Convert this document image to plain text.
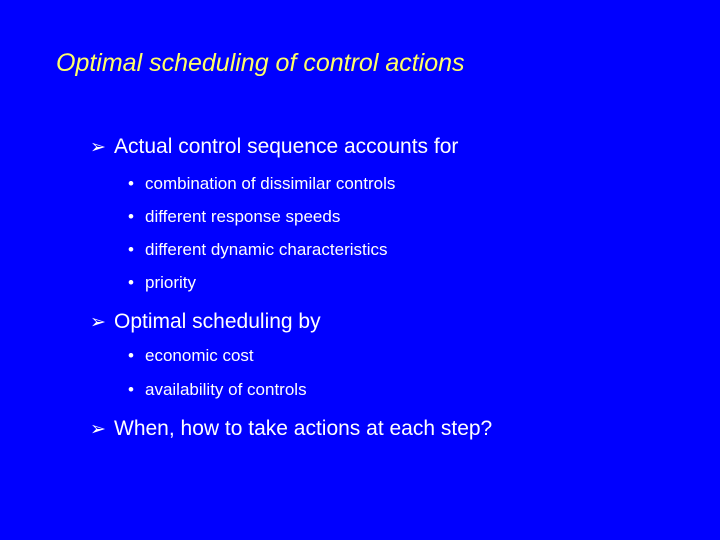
Optimal scheduling of control actions
➢ Actual control sequence accounts for
• combination of dissimilar controls
• different response speeds
• different dynamic characteristics
• priority
➢ Optimal scheduling by
• economic cost
• availability of controls
➢ When, how to take actions at each step?
